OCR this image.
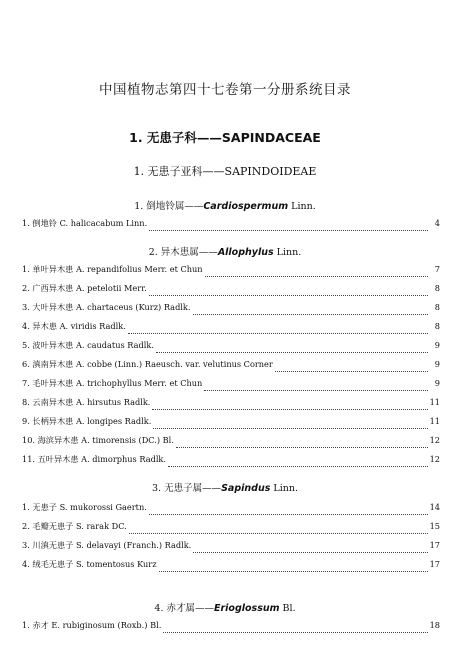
中国植物志第四十七卷第一分册系统目录
1. 无患子科——SAPINDACEAE
1. 无患子亚科——SAPINDOIDEAE
1. 倒地铃属——Cardiospermum Linn.
1. 倒地铃 C. halicacabum Linn.	4
2. 异木患属——Allophylus Linn.
1. 单叶异木患 A. repandifolius Merr. et Chun	7
2. 广西异木患 A. petelotii Merr.	8
3. 大叶异木患 A. chartaceus (Kurz) Radlk.	8
4. 异木患 A. viridis Radlk.	8
5. 波叶异木患 A. caudatus Radlk.	9
6. 滇南异木患 A. cobbe (Linn.) Raeusch. var. velutinus Corner	9
7. 毛叶异木患 A. trichophyllus Merr. et Chun	9
8. 云南异木患 A. hirsutus Radlk.	11
9. 长柄异木患 A. longipes Radlk.	11
10. 海滨异木患 A. timorensis (DC.) Bl.	12
11. 五叶异木患 A. dimorphus Radlk.	12
3. 无患子属——Sapindus Linn.
1. 无患子 S. mukorossi Gaertn.	14
2. 毛瓣无患子 S. rarak DC.	15
3. 川滇无患子 S. delavayi (Franch.) Radlk.	17
4. 绒毛无患子 S. tomentosus Kurz	17
4. 赤才属——Erioglossum Bl.
1. 赤才 E. rubiginosum (Roxb.) Bl.	18
